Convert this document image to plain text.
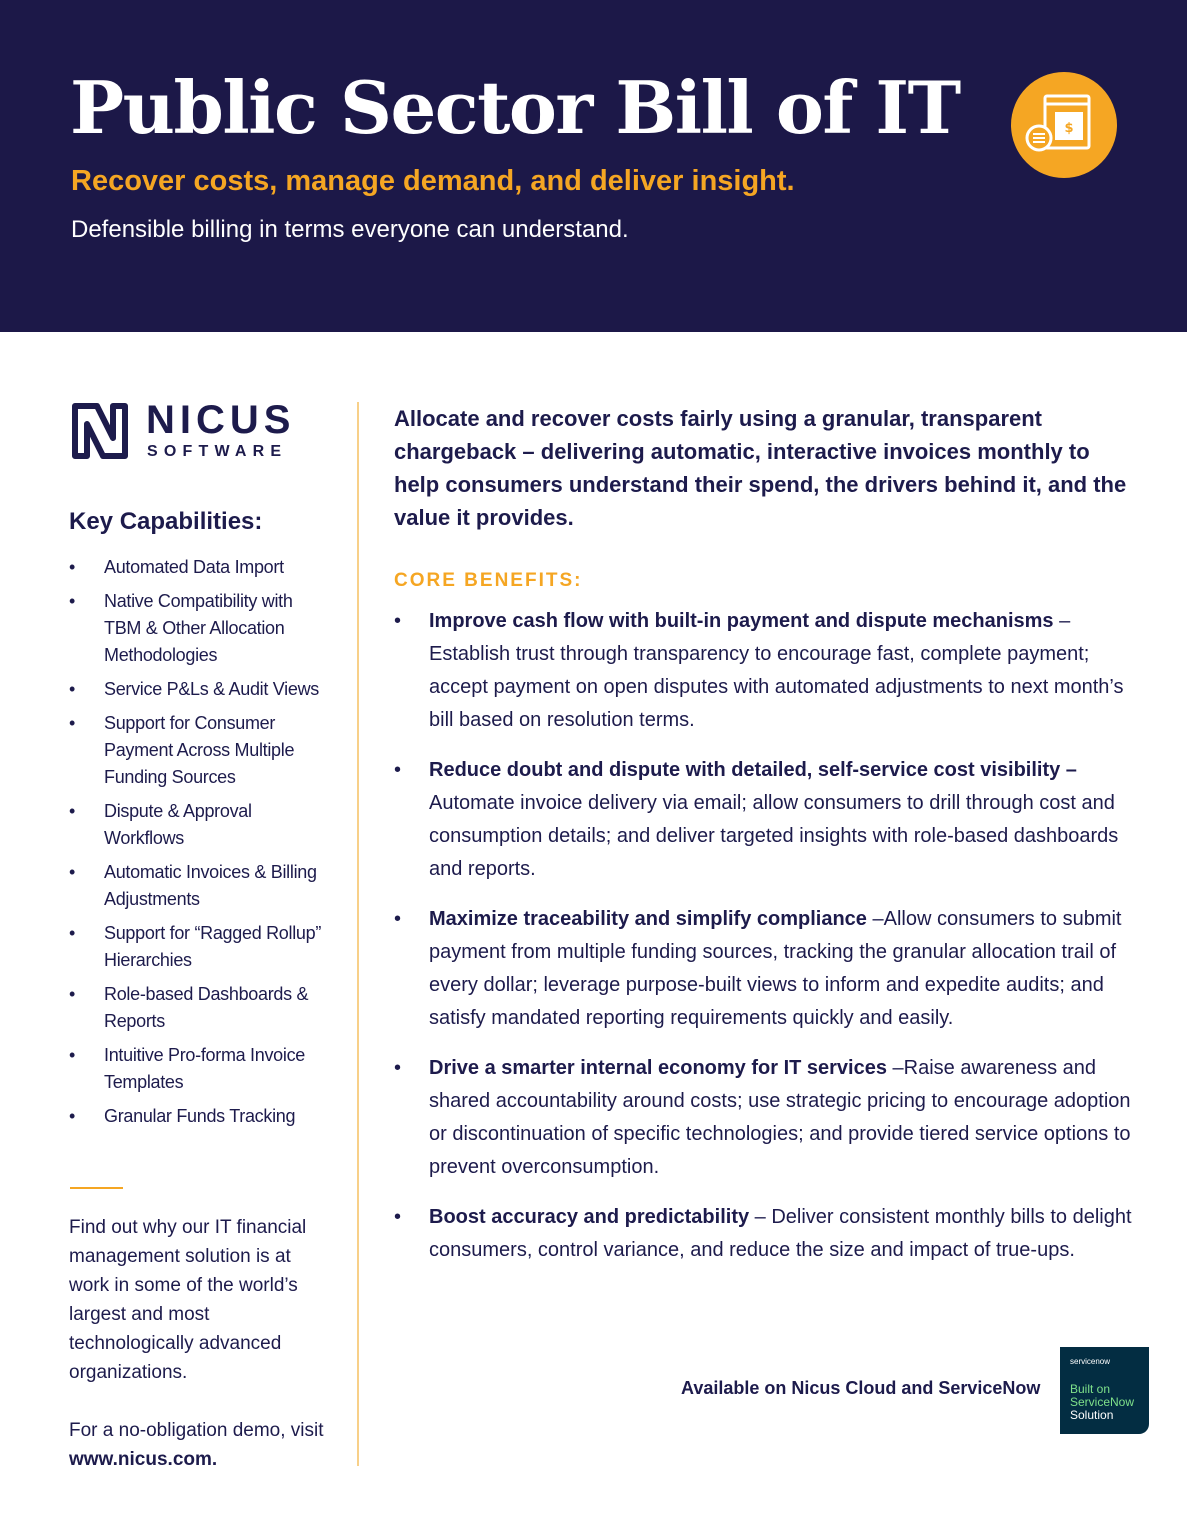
Public Sector Bill of IT
Recover costs, manage demand, and deliver insight.
Defensible billing in terms everyone can understand.
$
NICUS
SOFTWARE
Key Capabilities:
• Automated Data Import
• Native Compatibility with TBM & Other Allocation Methodologies
• Service P&Ls & Audit Views
• Support for Consumer Payment Across Multiple Funding Sources
• Dispute & Approval Workflows
• Automatic Invoices & Billing Adjustments
• Support for “Ragged Rollup” Hierarchies
• Role-based Dashboards & Reports
• Intuitive Pro-forma Invoice Templates
• Granular Funds Tracking

Find out why our IT financial management solution is at work in some of the world’s largest and most technologically advanced organizations.

For a no-obligation demo, visit www.nicus.com.

Allocate and recover costs fairly using a granular, transparent chargeback – delivering automatic, interactive invoices monthly to help consumers understand their spend, the drivers behind it, and the value it provides.

CORE BENEFITS:
• Improve cash flow with built-in payment and dispute mechanisms – Establish trust through transparency to encourage fast, complete payment; accept payment on open disputes with automated adjustments to next month’s bill based on resolution terms.
• Reduce doubt and dispute with detailed, self-service cost visibility – Automate invoice delivery via email; allow consumers to drill through cost and consumption details; and deliver targeted insights with role-based dashboards and reports.
• Maximize traceability and simplify compliance –Allow consumers to submit payment from multiple funding sources, tracking the granular allocation trail of every dollar; leverage purpose-built views to inform and expedite audits; and satisfy mandated reporting requirements quickly and easily.
• Drive a smarter internal economy for IT services –Raise awareness and shared accountability around costs; use strategic pricing to encourage adoption or discontinuation of specific technologies; and provide tiered service options to prevent overconsumption.
• Boost accuracy and predictability – Deliver consistent monthly bills to delight consumers, control variance, and reduce the size and impact of true-ups.
Available on Nicus Cloud and ServiceNow
servicenow
Built on
ServiceNow
Solution
